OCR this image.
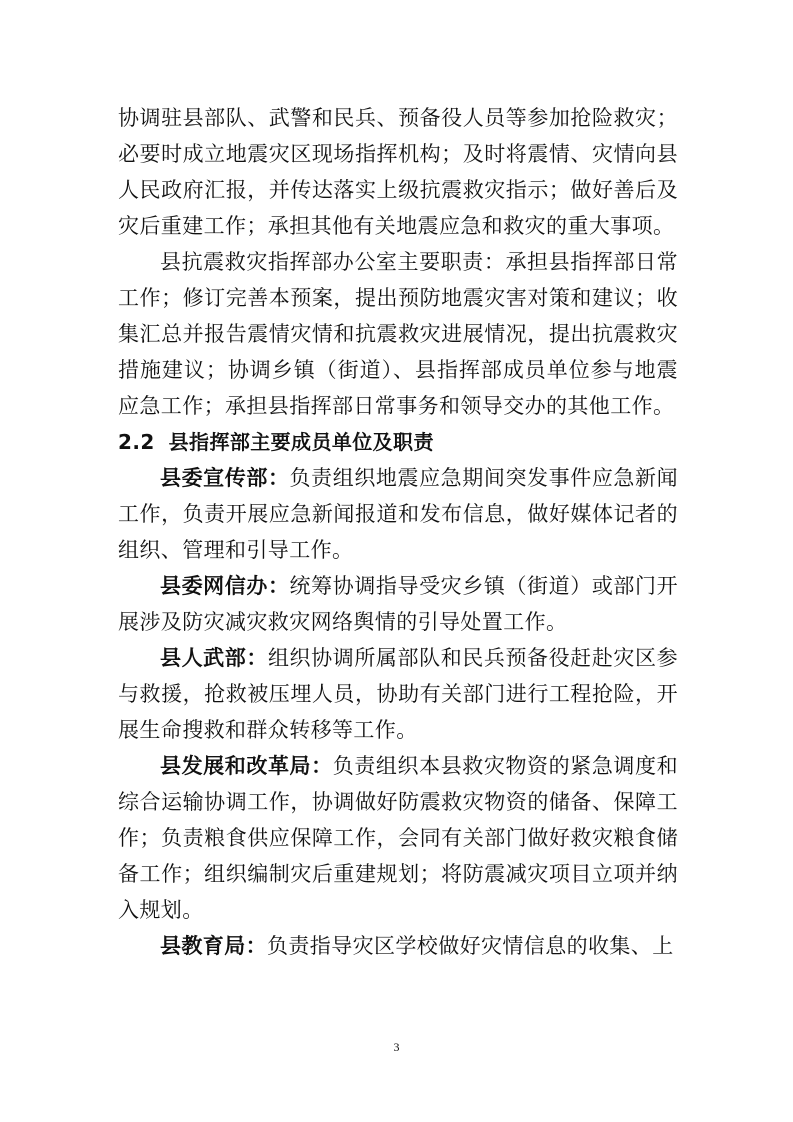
协调驻县部队、武警和民兵、预备役人员等参加抢险救灾；必要时成立地震灾区现场指挥机构；及时将震情、灾情向县人民政府汇报，并传达落实上级抗震救灾指示；做好善后及灾后重建工作；承担其他有关地震应急和救灾的重大事项。

县抗震救灾指挥部办公室主要职责：承担县指挥部日常工作；修订完善本预案，提出预防地震灾害对策和建议；收集汇总并报告震情灾情和抗震救灾进展情况，提出抗震救灾措施建议；协调乡镇（街道）、县指挥部成员单位参与地震应急工作；承担县指挥部日常事务和领导交办的其他工作。

2.2 县指挥部主要成员单位及职责

县委宣传部：负责组织地震应急期间突发事件应急新闻工作，负责开展应急新闻报道和发布信息，做好媒体记者的组织、管理和引导工作。

县委网信办：统筹协调指导受灾乡镇（街道）或部门开展涉及防灾减灾救灾网络舆情的引导处置工作。

县人武部：组织协调所属部队和民兵预备役赶赴灾区参与救援，抢救被压埋人员，协助有关部门进行工程抢险，开展生命搜救和群众转移等工作。

县发展和改革局：负责组织本县救灾物资的紧急调度和综合运输协调工作，协调做好防震救灾物资的储备、保障工作；负责粮食供应保障工作，会同有关部门做好救灾粮食储备工作；组织编制灾后重建规划；将防震减灾项目立项并纳入规划。

县教育局：负责指导灾区学校做好灾情信息的收集、上

3
